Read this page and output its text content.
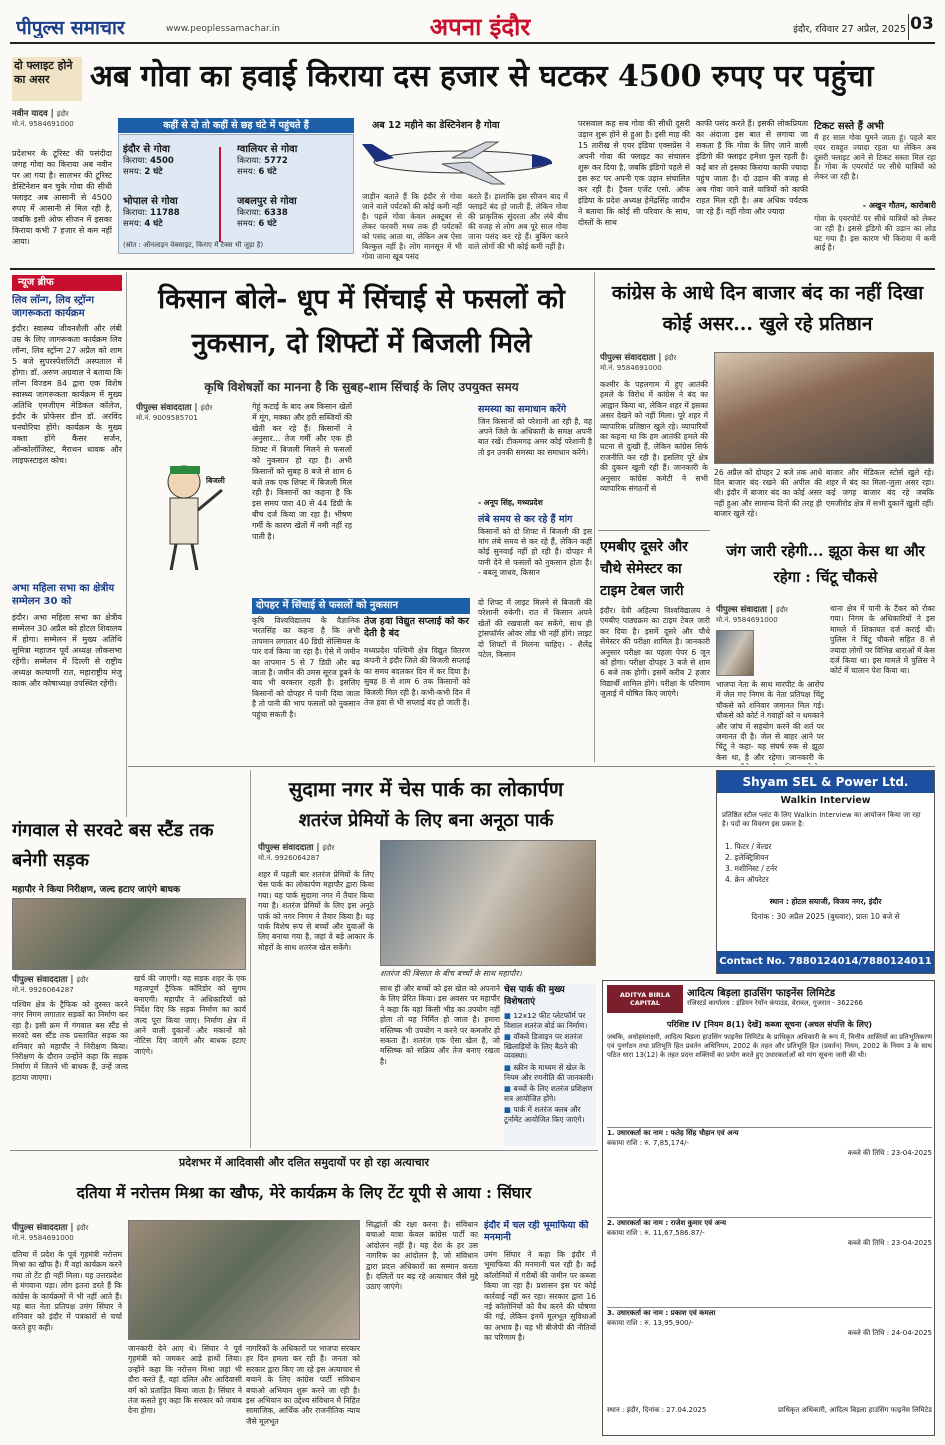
पीपुल्स समाचार	www.peoplessamachar.in	अपना इंदौर	इंदौर, रविवार 27 अप्रैल, 2025 03
दो फ्लाइट होने का असर	अब गोवा का हवाई किराया दस हजार से घटकर 4500 रुपए पर पहुंचा
नवीन यादव | इंदौर
मो.नं. 9584691000
प्रदेशभर के टूरिस्ट की पसंदीदा जगह गोवा का किराया अब नवीन पर आ गया है। सालभर की टूरिस्ट डेस्टिनेशन बन चुके गोवा की सीधी फ्लाइट अब आसानी से 4500 रुपए में आसानी से मिल रही है, जबकि इसी ओफ सीजन में इसका किराया कभी 7 हजार से कम नहीं आया।
कहीं से दो तो कहीं से छह घंटे में पहुंचते हैं
इंदौर से गोवा
किराया: 4500
समय: 2 घंटे
ग्वालियर से गोवा
किराया: 5772
समय: 6 घंटे
भोपाल से गोवा
किराया: 11788
समय: 4 घंटे
जबलपुर से गोवा
किराया: 6338
समय: 6 घंटे
(स्रोत : ऑनलाइन वेबसाइट, किराए में टैक्स भी जुड़ा है)
अब 12 महीने का डेस्टिनेशन है गोवा
जाड़ीन बताते हैं कि इंदौर से गोवा जाने वाले पर्यटकों की कोई कमी नहीं है। पहले गोवा केवल अक्टूबर से लेकर फरवरी मध्य तक ही पर्यटकों को पसंद आता था, लेकिन अब ऐसा बिल्कुल नहीं है। लोग मानसून में भी गोवा जाना खूब पसंद
करते हैं। हालांकि इस सीजन बाद में फ्लाइटें बंद हो जाती हैं, लेकिन गोवा की प्राकृतिक सुंदरता और लंबे बीच की वजह से लोग अब पूरे साल गोवा जाना पसंद कर रहे हैं। बुकिंग करने वाले लोगों की भी कोई कमी नहीं है।
परसवाल कह सब गोवा की सीधी दूसरी उड़ान शुरू होने से हुआ है। इसी माह की 15 तारीख से एयर इंडिया एक्सप्रेस ने अपनी गोवा की फ्लाइट का संचालन शुरू कर दिया है, जबकि इंडिगो पहले से इस रूट पर अपनी एक उड़ान संचालित कर रही है। ट्रैवल एजेंट एसो. ऑफ इंडिया के प्रदेश अध्यक्ष हेमेंद्रसिंह जादौन ने बताया कि कोई सी परिवार के साथ, दोस्तों के साथ
काफी पसंद करते हैं। इसकी लोकप्रियता का अंदाजा इस बात से लगाया जा सकता है कि गोवा के लिए जाने वाली इंडिगो की फ्लाइट हमेशा फुल रहती है। कई बार तो इसका किराया काफी ज्यादा पहुंच जाता है। दो उड़ान की वजह से अब गोवा जाने वाले यात्रियों को काफी राहत मिल रही है। अब अधिक पर्यटक जा रहे हैं। नहीं गोवा और ज्यादा
टिकट सस्ते हैं अभी
मैं हर साल गोवा घूमने जाता हूं। पहले बार एयर रावहुत ज्यादा रहता था लेकिन अब दूसरी फ्लाइट आने से टिकट सस्ता मिल रहा है। गोवा के एयरपोर्ट पर सीधे यात्रियों को लेकर जा रही है।
- अखुन गौतम, कारोबारी
गोवा के एयरपोर्ट पर सीधे यात्रियों को लेकर जा रही है। इससे इंडिगो की उड़ान का लोड घट गया है। इस कारण भी किराया में कमी आई है।
न्यूज ब्रीफ
लिव लॉन्ग, लिव स्ट्रॉन्ग जागरूकता कार्यक्रम
इंदौर। स्वास्थ्य जीवनशैली और लंबी उम्र के लिए जागरूकता कार्यक्रम लिव लॉन्ग, लिव स्ट्रॉन्ग 27 अप्रैल को शाम 5 बजे सुपरस्पेशलिटी अस्पताल में होगा। डॉ. अरुण अग्रवाल ने बताया कि लॉन्ग विज्डम 84 द्वारा एक विशेष स्वास्थ्य जागरूकता कार्यक्रम में मुख्य अतिथि एमजीएम मेडिकल कॉलेज, इंदौर के प्रोफेसर डीन डॉ. अरविंद घनघोरिया होंगे। कार्यक्रम के मुख्य वक्ता होंगे कैंसर सर्जन, ऑन्कोलॉजिस्ट, मैराथन धावक और लाइफस्टाइल कोच।
अभा महिला सभा का क्षेत्रीय सम्मेलन 30 को
इंदौर। अभा महिला सभा का क्षेत्रीय सम्मेलन 30 अप्रैल को होटल शिवालय में होगा। सम्मेलन में मुख्य अतिथि सुमित्रा महाजन पूर्व अध्यक्ष लोकसभा रहेंगी। सम्मेलन में दिल्ली से राष्ट्रीय अध्यक्ष कल्याणी रात, महाराष्ट्रीय मंजु काक और कोषाध्यक्ष उपस्थित रहेंगी।
किसान बोले- धूप में सिंचाई से फसलों को नुकसान, दो शिफ्टों में बिजली मिले
कृषि विशेषज्ञों का मानना है कि सुबह-शाम सिंचाई के लिए उपयुक्त समय
पीपुल्स संवाददाता | इंदौर
मो.नं. 9009585701
गेहूं कटाई के बाद अब किसान खेतों में मूंग, मक्का और हरी सब्जियों की खेती कर रहे हैं। किसानों ने अनुसार... तेज गर्मी और एक ही शिफ्ट में बिजली मिलने से फसलों को नुकसान हो रहा है। अभी किसानों को सुबह 8 बजे से शाम 6 बजे तक एक शिफ्ट में बिजली मिल रही है। किसानों का कहना है कि इस समय पारा 40 से 44 डिग्री के बीच दर्ज किया जा रहा है। भीषण गर्मी के कारण खेतों में नमी नहीं रह पाती है।
बिजली
समस्या का समाधान करेंगे
जिन किसानों को परेशानी आ रही है, वह अपने जिले के अधिकारी के समक्ष अपनी बात रखें। टीकमगढ़ अमर कोई परेशानी है तो इन उनकी समस्या का समाधान करेंगे।
- अनूप सिंह, मध्यप्रदेश
लंबे समय से कर रहे हैं मांग
किसानों को दो शिफ्ट में बिजली की इस मांग लंबे समय से कर रहे हैं, लेकिन कहीं कोई सुनवाई नहीं हो रही है। दोपहर में पानी देने से फसलों को नुकसान होता है। - बबलू जाधव, किसान
दोपहर में सिंचाई से फसलों को नुकसान
कृषि विश्वविद्यालय के वैज्ञानिक भरतसिंह का कहना है कि अभी तापमान लगातार 40 डिग्री सेल्सियस के पार दर्ज किया जा रहा है। ऐसे में जमीन का तापमान 5 से 7 डिग्री और बढ़ जाता है। जमीन की उमस सूरज डूबने के बाद भी बरकरार रहती है। इसलिए किसानों को दोपहर में पानी दिया जाता है तो पानी की भाप फसलों को नुकसान पहुंचा सकती है।
तेज हवा विद्युत सप्लाई को कर देती है बंद
मध्यप्रदेश पश्चिमी क्षेत्र विद्युत वितरण कंपनी ने इंदौर जिले की बिजली सप्लाई का समय बदलकर दिन में कर दिया है। सुबह 8 से शाम 6 तक किसानों को बिजली मिल रही है। कभी-कभी दिन में तेज हवा से भी सप्लाई बंद हो जाती है।
दो शिफ्ट में लाइट मिलने से बिजली की परेशानी रुकेगी। रात में किसान अपने खेतों की रखवाली कर सकेंगे, साथ ही ट्रांसफॉर्मर ओवर लोड भी नहीं होंगे। लाइट दो शिफ्टों में मिलना चाहिए। - शैलेंद्र पटेल, किसान
कांग्रेस के आधे दिन बाजार बंद का नहीं दिखा कोई असर... खुले रहे प्रतिष्ठान
पीपुल्स संवाददाता | इंदौर
मो.नं. 9584691000
कश्मीर के पहलगाम में हुए आतंकी हमले के विरोध में कांग्रेस ने बंद का आह्वान किया था, लेकिन शहर में इसका असर देखने को नहीं मिला। पूरे शहर में व्यापारिक प्रतिष्ठान खुले रहे। व्यापारियों का कहना था कि हम आतंकी हमले की घटना से दुःखी हैं, लेकिन कांग्रेस सिर्फ राजनीति कर रही है। इसलिए पूरे क्षेत्र की दुकान खुली रही हैं। जानकारी के अनुसार कांग्रेस कमेटी ने सभी व्यापारिक संगठनों से
26 अप्रैल को दोपहर 2 बजे तक आधे दिन बाजार बंद रखने की अपील की थी। इंदौर में बाजार बंद का कोई असर नहीं हुआ और सामान्य दिनों की तरह ही बाजार खुले रहे।
बाजार और मेडिकल स्टोर्स खुले रहे। शहर में बंद का मिला-जुला असर रहा। कई जगह बाजार बंद रहे जबकि एमजीरोड क्षेत्र में सभी दुकानें खुली रहीं।
एमबीए दूसरे और चौथे सेमेस्टर का टाइम टेबल जारी
इंदौर। देवी अहिल्या विश्वविद्यालय ने एमबीए पाठ्यक्रम का टाइम टेबल जारी कर दिया है। इसमें दूसरे और चौथे सेमेस्टर की परीक्षा शामिल है। जानकारी अनुसार परीक्षा का पहला पेपर 6 जून को होगा। परीक्षा दोपहर 3 बजे से शाम 6 बजे तक होगी। इसमें करीब 2 हजार विद्यार्थी शामिल होंगे। परीक्षा के परिणाम जुलाई में घोषित किए जाएंगे।
जंग जारी रहेगी... झूठा केस था और रहेगा : चिंटू चौकसे
पीपुल्स संवादाता | इंदौर
मो.नं. 9584691000
भाजपा नेता के साथ मारपीट के आरोप में जेल गए निगम के नेता प्रतिपक्ष चिंटू चौकसे को शनिवार जमानत मिल गई। चौकसे को कोर्ट ने गवाहों को न धमकाने और जांच में सहयोग करने की शर्त पर जमानत दी है। जेल से बाहर आने पर चिंटू ने कहा- यह संघर्ष रुक से झूठा केस था, है और रहेगा। जानकारी के
थाना क्षेत्र में पानी के टैंकर को रोका गया। निगम के अधिकारियों ने इस मामले में शिकायत दर्ज कराई थी। पुलिस ने चिंटू चौकसे सहित 8 से ज्यादा लोगों पर विभिन्न धाराओं में केस दर्ज किया था। इस मामले में पुलिस ने कोर्ट में चालान पेश किया था।
गंगवाल से सरवटे बस स्टैंड तक बनेगी सड़क
महापौर ने किया निरीक्षण, जल्द हटाए जाएंगे बाधक
पीपुल्स संवाददाता | इंदौर
मो.नं. 9926064287
पश्चिम क्षेत्र के ट्रैफिक को दुरुस्त करने नगर निगम लगातार सड़कों का निर्माण कर रहा है। इसी क्रम में गंगवाल बस स्टैंड से सरवटे बस स्टैंड तक प्रस्तावित सड़क का शनिवार को महापौर ने निरीक्षण किया। निरीक्षण के दौरान उन्होंने कहा कि सड़क निर्माण में जितने भी बाधक हैं, उन्हें जल्द हटाया जाएगा।
खर्च की जाएगी। यह सड़क शहर के एक महत्वपूर्ण ट्रैफिक कॉरिडोर को सुगम बनाएगी। महापौर ने अधिकारियों को निर्देश दिए कि सड़क निर्माण का कार्य जल्द पूरा किया जाए। निर्माण क्षेत्र में आने वाली दुकानों और मकानों को नोटिस दिए जाएंगे और बाधक हटाए जाएंगे।
सुदामा नगर में चेस पार्क का लोकार्पण
शतरंज प्रेमियों के लिए बना अनूठा पार्क
पीपुल्स संवाददाता | इंदौर
मो.नं. 9926064287
शतरंज की बिसात के बीच बच्चों के साथ महापौर।
शहर में पहली बार शतरंज प्रेमियों के लिए चेस पार्क का लोकार्पण महापौर द्वारा किया गया। यह पार्क सुदामा नगर में तैयार किया गया है। शतरंज प्रेमियों के लिए इस अनूठे पार्क को नगर निगम ने तैयार किया है। यह पार्क विशेष रूप से बच्चों और युवाओं के लिए बनाया गया है, जहां वे बड़े आकार के मोहरों के साथ शतरंज खेल सकेंगे।
साथ ही और बच्चों को इस खेल को अपनाने के लिए प्रेरित किया। इस अवसर पर महापौर ने कहा कि यहां किसी भीड़ का उपयोग नहीं होता तो यह निर्मित हो जाता है। हमारा मस्तिष्क भी उपयोग न करने पर कमजोर हो सकता है। शतरंज एक ऐसा खेल है, जो मस्तिष्क को सक्रिय और तेज बनाए रखता है।
चेस पार्क की मुख्य विशेषताएं
■ 12x12 फीट प्लेटफॉर्म पर विशाल शतरंज बोर्ड का निर्माण।
■ वॉकवे डिजाइन पर शतरंज खिलाड़ियों के लिए बैठने की व्यवस्था।
■ स्क्रीन के माध्यम से खेल के नियम और रणनीति की जानकारी।
■ बच्चों के लिए शतरंज प्रशिक्षण सत्र आयोजित होंगे।
■ पार्क में शतरंज क्लब और टूर्नामेंट आयोजित किए जाएंगे।
Shyam SEL & Power Ltd.
Walkin Interview
प्रतिष्ठित स्टील प्लांट के लिए Walkin Interview का आयोजन किया जा रहा है। पदों का विवरण इस प्रकार है:
1. फिटर / वेल्डर
2. इलेक्ट्रिशियन
3. मशीनिस्ट / टर्नर
4. क्रेन ऑपरेटर
स्थान : होटल सयाजी, विजय नगर, इंदौर
दिनांक : 30 अप्रैल 2025 (बुधवार), प्रातः 10 बजे से
Contact No. 7880124014/7880124011
आदित्य बिड़ला हाउसिंग फाइनेंस लिमिटेड
ADITYA BIRLA CAPITAL	रजिस्टर्ड कार्यालय : इंडियन रेयॉन कंपाउंड, वेरावल, गुजरात - 362266
परिशिष्ट IV [नियम 8(1) देखें] कब्जा सूचना (अचल संपत्ति के लिए)
जबकि, अधोहस्ताक्षरी, आदित्य बिड़ला हाउसिंग फाइनेंस लिमिटेड के प्राधिकृत अधिकारी के रूप में, वित्तीय आस्तियों का प्रतिभूतिकरण एवं पुनर्गठन तथा प्रतिभूति हित प्रवर्तन अधिनियम, 2002 के तहत और प्रतिभूति हित (प्रवर्तन) नियम, 2002 के नियम 3 के साथ पठित धारा 13(12) के तहत प्रदत्त शक्तियों का प्रयोग करते हुए उधारकर्ताओं को मांग सूचना जारी की थी।
1. उधारकर्ता का नाम : फतेह सिंह चौहान एवं अन्य
बकाया राशि : रु. 7,85,174/-
कब्जे की तिथि : 23-04-2025
2. उधारकर्ता का नाम : राजेश कुमार एवं अन्य
बकाया राशि : रु. 11,67,586.87/-
कब्जे की तिथि : 23-04-2025
3. उधारकर्ता का नाम : प्रकाश एवं कमला
बकाया राशि : रु. 13,95,900/-
कब्जे की तिथि : 24-04-2025
स्थान : इंदौर, दिनांक : 27.04.2025	प्राधिकृत अधिकारी, आदित्य बिड़ला हाउसिंग फाइनेंस लिमिटेड
प्रदेशभर में आदिवासी और दलित समुदायों पर हो रहा अत्याचार
दतिया में नरोत्तम मिश्रा का खौफ, मेरे कार्यक्रम के लिए टेंट यूपी से आया : सिंघार
पीपुल्स संवाददाता | इंदौर
मो.नं. 9584691000
दतिया में प्रदेश के पूर्व गृहमंत्री नरोत्तम मिश्रा का खौफ है। मैं वहां कार्यक्रम करने गया तो टेंट ही नहीं मिला। यह उत्तरप्रदेश से मंगवाना पड़ा। लोग इतना डरते हैं कि कांग्रेस के कार्यक्रमों में भी नहीं आते हैं। यह बात नेता प्रतिपक्ष उमंग सिंघार ने शनिवार को इंदौर में पत्रकारों से चर्चा करते हुए कही।
जानकारी देने आए थे। सिंघार ने पूर्व गृहमंत्री को जमकर आड़े हाथों लिया। उन्होंने कहा कि नरोत्तम मिश्रा जहां भी दौरा करते हैं, वहां दलित और आदिवासी वर्ग को प्रताड़ित किया जाता है। सिंघार ने तंज कसते हुए कहा कि सरकार को जवाब देना होगा।
नागरिकों के अधिकारों पर भाजपा सरकार हर दिन हमला कर रही है। जनता को सरकार द्वारा किए जा रहे इस अत्याचार से बचाने के लिए कांग्रेस पार्टी संविधान बचाओ अभियान शुरू करने जा रही है। इस अभियान का उद्देश्य संविधान में निहित सामाजिक, आर्थिक और राजनीतिक न्याय जैसे मूलभूत
सिद्धांतों की रक्षा करना है। संविधान बचाओ यात्रा केवल कांग्रेस पार्टी का आंदोलन नहीं है। यह देश के हर उस नागरिक का आंदोलन है, जो संविधान द्वारा प्रदत्त अधिकारों का सम्मान करता है। दलितों पर बढ़ रहे अत्याचार जैसे मुद्दे उठाए जाएंगे।
इंदौर में चल रही भूमाफिया की मनमानी
उमंग सिंघार ने कहा कि इंदौर में भूमाफिया की मनमानी चल रही है। कई कॉलोनियों में गरीबों की जमीन पर कब्जा किया जा रहा है। प्रशासन इस पर कोई कार्रवाई नहीं कर रहा। सरकार द्वारा 16 नई कॉलोनियों को वैध करने की घोषणा की गई, लेकिन इनमें मूलभूत सुविधाओं का अभाव है। यह भी बीजेपी की नीतियों का परिणाम है।
